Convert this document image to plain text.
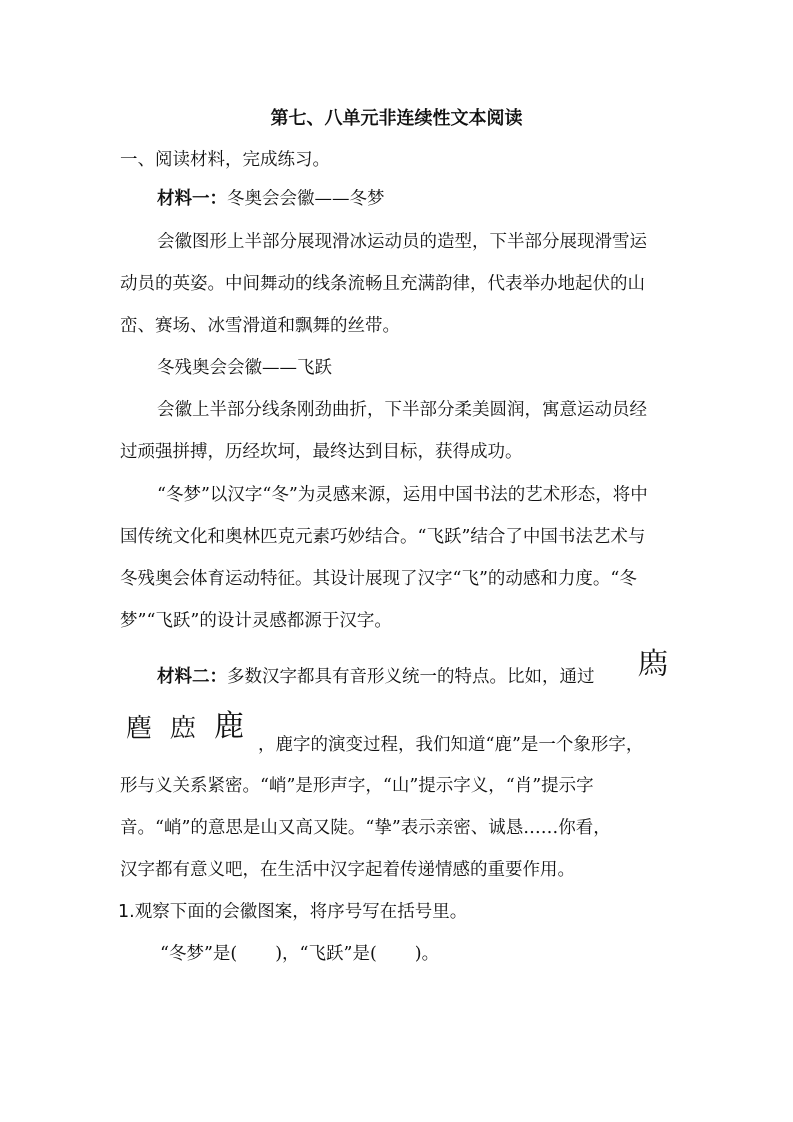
第七、八单元非连续性文本阅读
一、阅读材料，完成练习。
材料一：冬奥会会徽——冬梦
会徽图形上半部分展现滑冰运动员的造型，下半部分展现滑雪运
动员的英姿。中间舞动的线条流畅且充满韵律，代表举办地起伏的山
峦、赛场、冰雪滑道和飘舞的丝带。
冬残奥会会徽——飞跃
会徽上半部分线条刚劲曲折，下半部分柔美圆润，寓意运动员经
过顽强拼搏，历经坎坷，最终达到目标，获得成功。
“冬梦”以汉字“冬”为灵感来源，运用中国书法的艺术形态，将中
国传统文化和奥林匹克元素巧妙结合。“飞跃”结合了中国书法艺术与
冬残奥会体育运动特征。其设计展现了汉字“飞”的动感和力度。“冬
梦”“飞跃”的设计灵感都源于汉字。
材料二：多数汉字都具有音形义统一的特点。比如，通过 𢊁
𪊍 𢉖 鹿
，鹿字的演变过程，我们知道“鹿”是一个象形字，
形与义关系紧密。“峭”是形声字，“山”提示字义，“肖”提示字
音。“峭”的意思是山又高又陡。“挚”表示亲密、诚恳……你看，
汉字都有意义吧，在生活中汉字起着传递情感的重要作用。
1.观察下面的会徽图案，将序号写在括号里。
“冬梦”是( )，“飞跃”是( )。
